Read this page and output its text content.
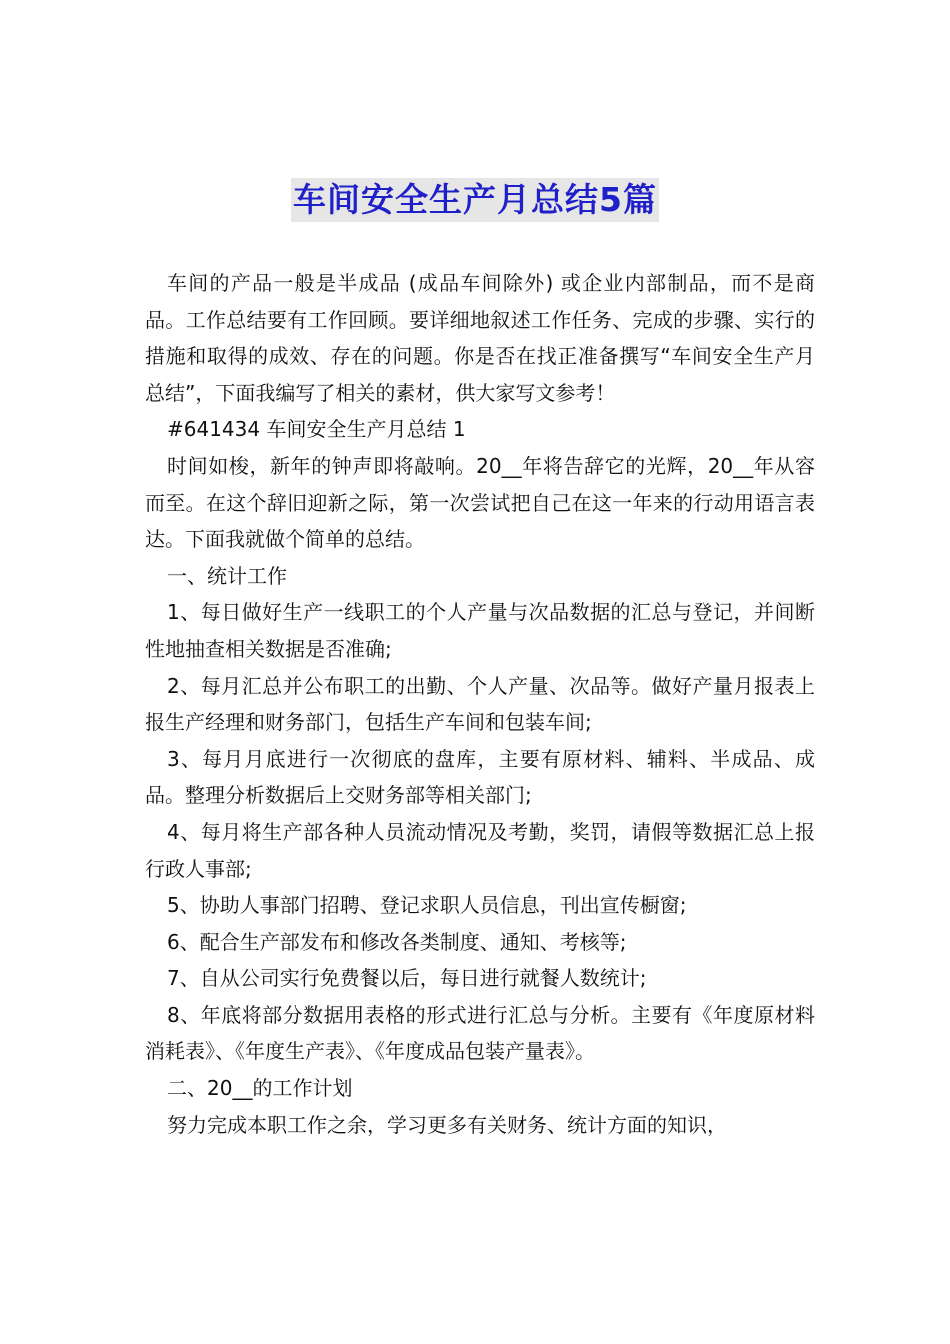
车间安全生产月总结5篇

车间的产品一般是半成品 (成品车间除外) 或企业内部制品，而不是商品。工作总结要有工作回顾。要详细地叙述工作任务、完成的步骤、实行的措施和取得的成效、存在的问题。你是否在找正准备撰写“车间安全生产月总结”，下面我编写了相关的素材，供大家写文参考！

#641434 车间安全生产月总结 1

时间如梭，新年的钟声即将敲响。20__年将告辞它的光辉，20__年从容而至。在这个辞旧迎新之际，第一次尝试把自己在这一年来的行动用语言表达。下面我就做个简单的总结。

一、统计工作

1、每日做好生产一线职工的个人产量与次品数据的汇总与登记，并间断性地抽查相关数据是否准确;

2、每月汇总并公布职工的出勤、个人产量、次品等。做好产量月报表上报生产经理和财务部门，包括生产车间和包装车间;

3、每月月底进行一次彻底的盘库，主要有原材料、辅料、半成品、成品。整理分析数据后上交财务部等相关部门;

4、每月将生产部各种人员流动情况及考勤，奖罚，请假等数据汇总上报行政人事部;

5、协助人事部门招聘、登记求职人员信息，刊出宣传橱窗;

6、配合生产部发布和修改各类制度、通知、考核等;

7、自从公司实行免费餐以后，每日进行就餐人数统计;

8、年底将部分数据用表格的形式进行汇总与分析。主要有《年度原材料消耗表》、《年度生产表》、《年度成品包装产量表》。

二、20__的工作计划

努力完成本职工作之余，学习更多有关财务、统计方面的知识，
